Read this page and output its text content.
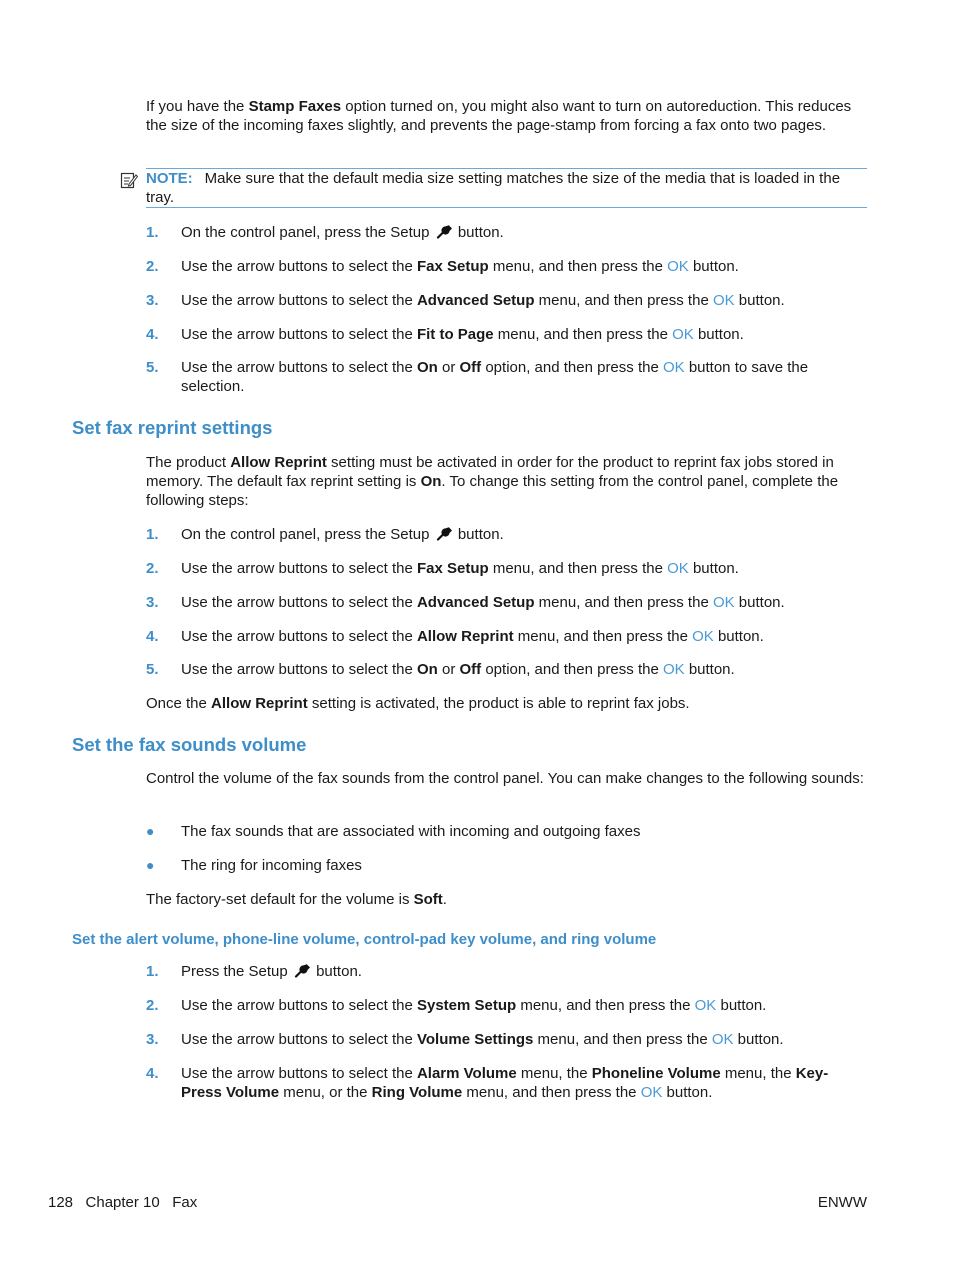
If you have the Stamp Faxes option turned on, you might also want to turn on autoreduction. This reduces the size of the incoming faxes slightly, and prevents the page-stamp from forcing a fax onto two pages.
NOTE: Make sure that the default media size setting matches the size of the media that is loaded in the tray.
1. On the control panel, press the Setup button.
2. Use the arrow buttons to select the Fax Setup menu, and then press the OK button.
3. Use the arrow buttons to select the Advanced Setup menu, and then press the OK button.
4. Use the arrow buttons to select the Fit to Page menu, and then press the OK button.
5. Use the arrow buttons to select the On or Off option, and then press the OK button to save the selection.
Set fax reprint settings
The product Allow Reprint setting must be activated in order for the product to reprint fax jobs stored in memory. The default fax reprint setting is On. To change this setting from the control panel, complete the following steps:
1. On the control panel, press the Setup button.
2. Use the arrow buttons to select the Fax Setup menu, and then press the OK button.
3. Use the arrow buttons to select the Advanced Setup menu, and then press the OK button.
4. Use the arrow buttons to select the Allow Reprint menu, and then press the OK button.
5. Use the arrow buttons to select the On or Off option, and then press the OK button.
Once the Allow Reprint setting is activated, the product is able to reprint fax jobs.
Set the fax sounds volume
Control the volume of the fax sounds from the control panel. You can make changes to the following sounds:
● The fax sounds that are associated with incoming and outgoing faxes
● The ring for incoming faxes
The factory-set default for the volume is Soft.
Set the alert volume, phone-line volume, control-pad key volume, and ring volume
1. Press the Setup button.
2. Use the arrow buttons to select the System Setup menu, and then press the OK button.
3. Use the arrow buttons to select the Volume Settings menu, and then press the OK button.
4. Use the arrow buttons to select the Alarm Volume menu, the Phoneline Volume menu, the Key-Press Volume menu, or the Ring Volume menu, and then press the OK button.
128   Chapter 10   Fax	ENWW
